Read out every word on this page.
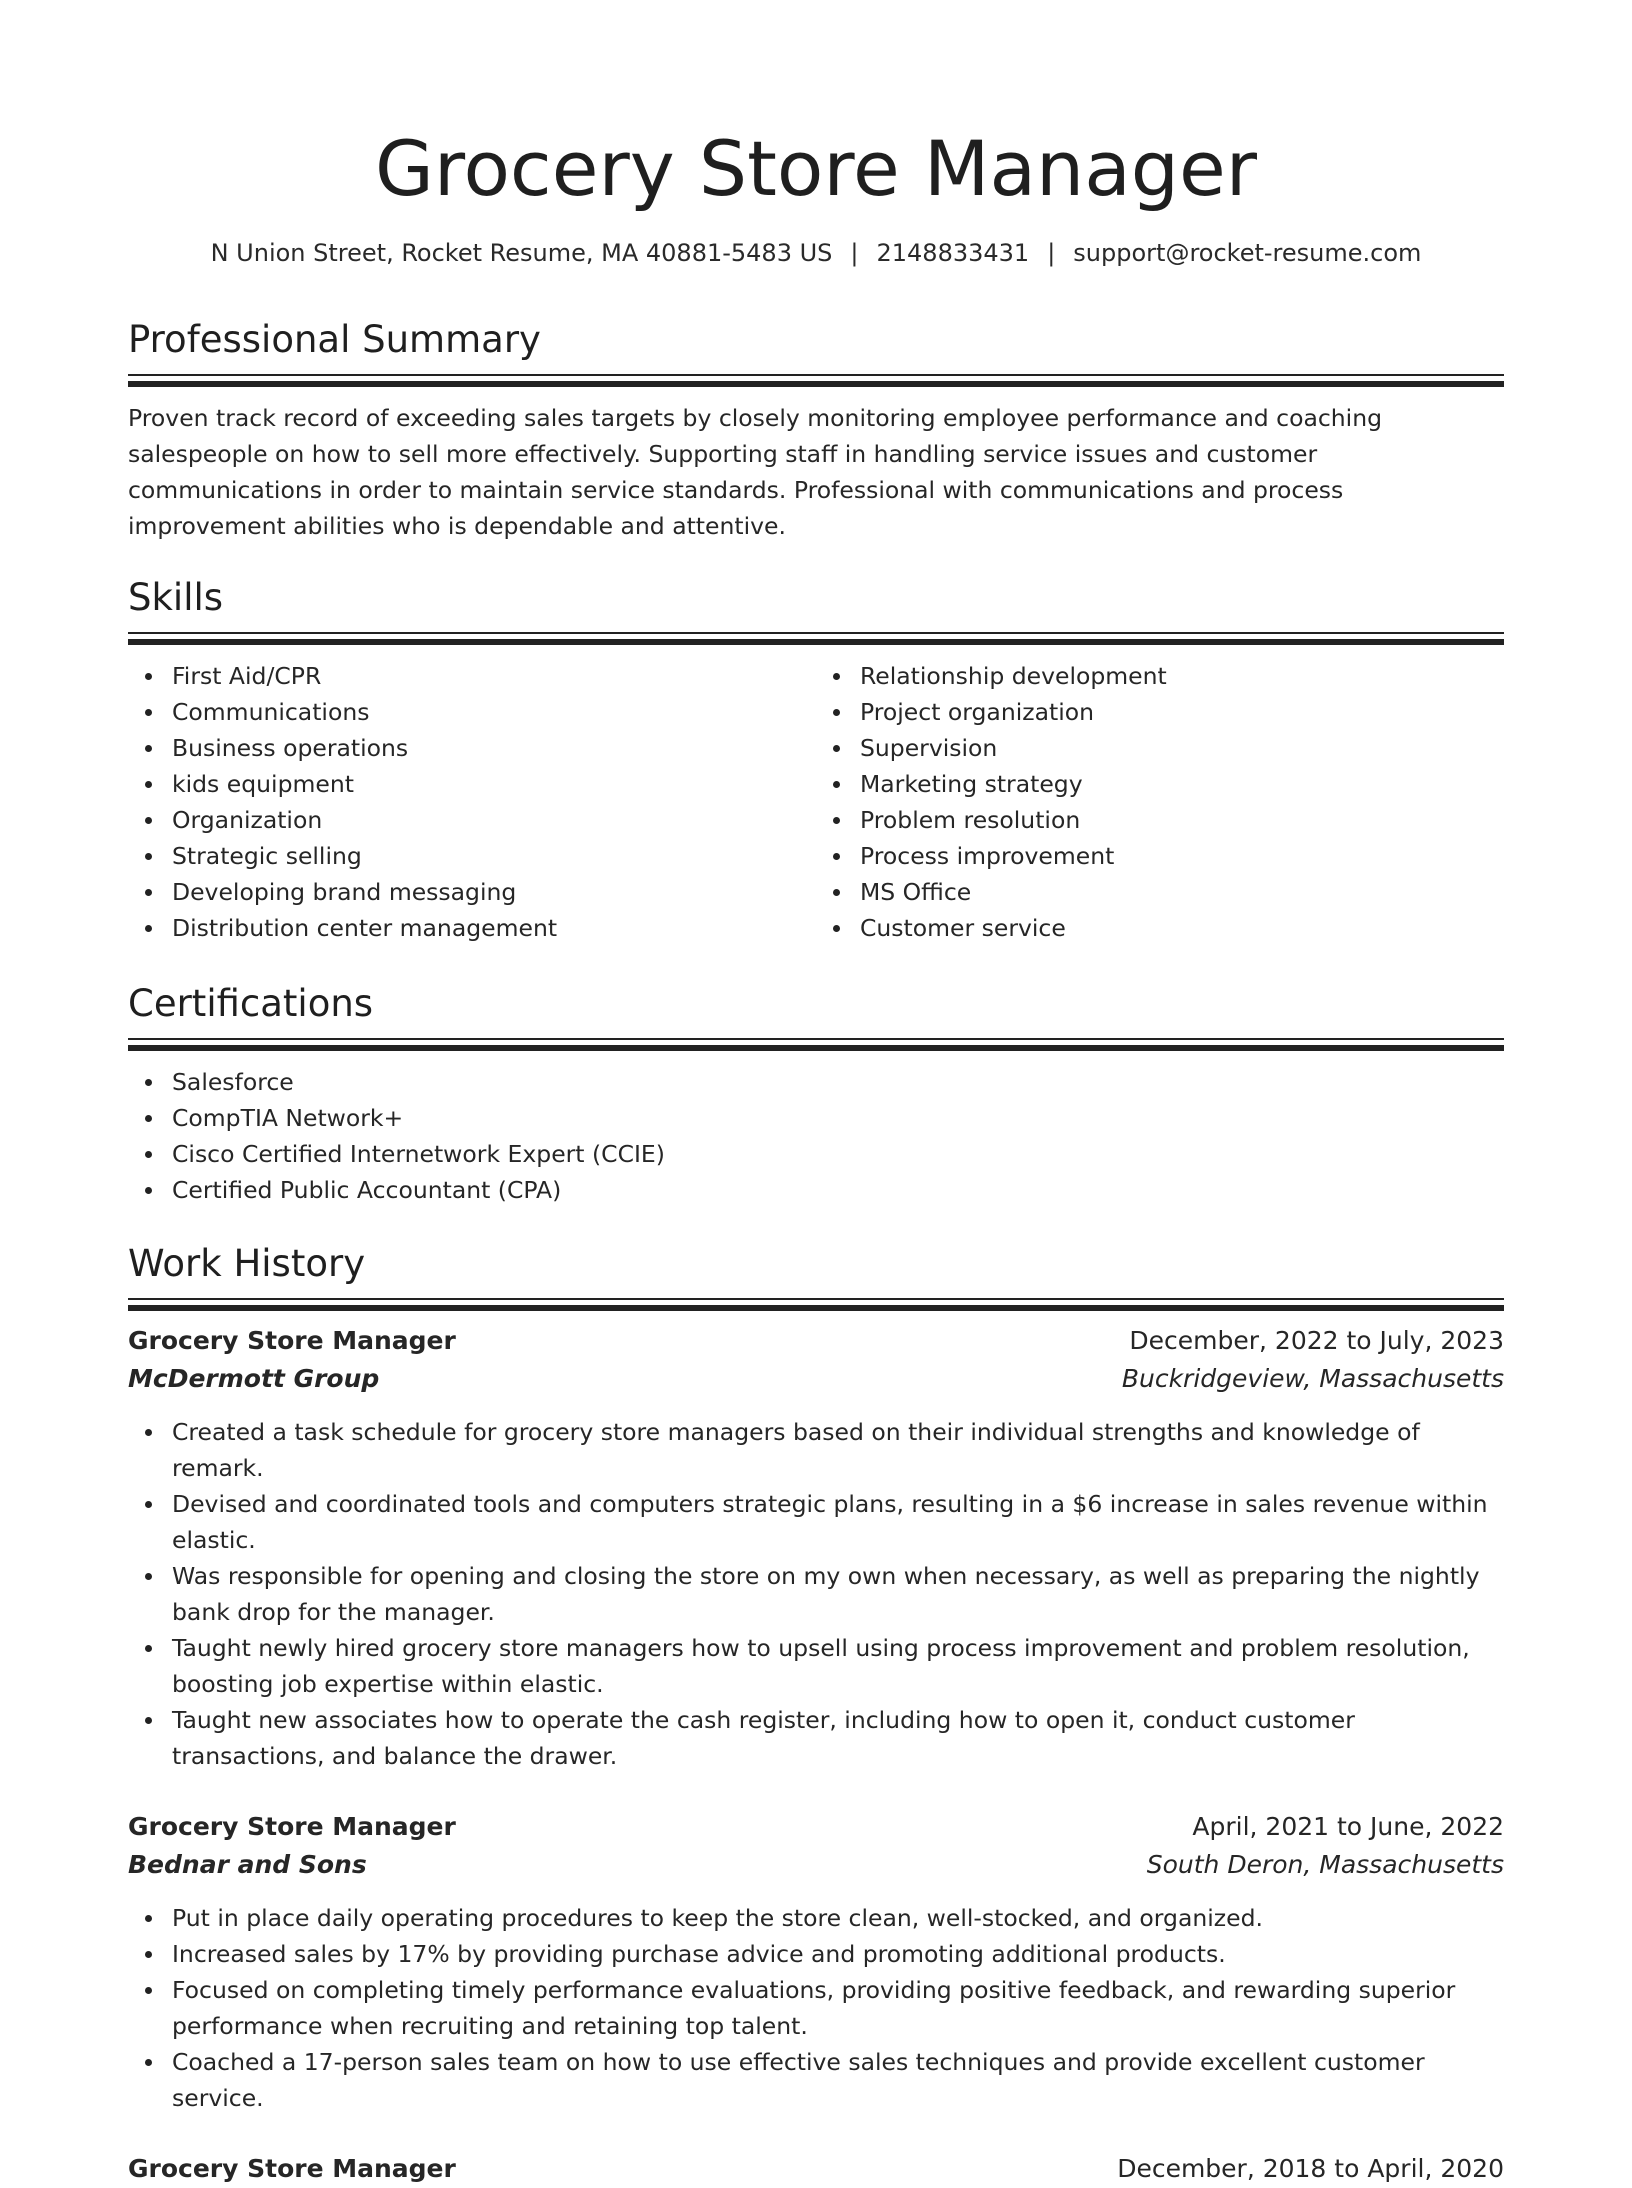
Grocery Store Manager
N Union Street, Rocket Resume, MA 40881-5483 US | 2148833431 | support@rocket-resume.com
Professional Summary

Proven track record of exceeding sales targets by closely monitoring employee performance and coaching salespeople on how to sell more effectively. Supporting staff in handling service issues and customer communications in order to maintain service standards. Professional with communications and process improvement abilities who is dependable and attentive.

Skills
First Aid/CPR
Communications
Business operations
kids equipment
Organization
Strategic selling
Developing brand messaging
Distribution center management
Relationship development
Project organization
Supervision
Marketing strategy
Problem resolution
Process improvement
MS Office
Customer service
Certifications
Salesforce
CompTIA Network+
Cisco Certified Internetwork Expert (CCIE)
Certified Public Accountant (CPA)
Work History
Grocery Store Manager	December, 2022 to July, 2023
McDermott Group	Buckridgeview, Massachusetts
Created a task schedule for grocery store managers based on their individual strengths and knowledge of remark.
Devised and coordinated tools and computers strategic plans, resulting in a $6 increase in sales revenue within elastic.
Was responsible for opening and closing the store on my own when necessary, as well as preparing the nightly bank drop for the manager.
Taught newly hired grocery store managers how to upsell using process improvement and problem resolution, boosting job expertise within elastic.
Taught new associates how to operate the cash register, including how to open it, conduct customer transactions, and balance the drawer.
Grocery Store Manager	April, 2021 to June, 2022
Bednar and Sons	South Deron, Massachusetts
Put in place daily operating procedures to keep the store clean, well-stocked, and organized.
Increased sales by 17% by providing purchase advice and promoting additional products.
Focused on completing timely performance evaluations, providing positive feedback, and rewarding superior performance when recruiting and retaining top talent.
Coached a 17-person sales team on how to use effective sales techniques and provide excellent customer service.
Grocery Store Manager	December, 2018 to April, 2020
